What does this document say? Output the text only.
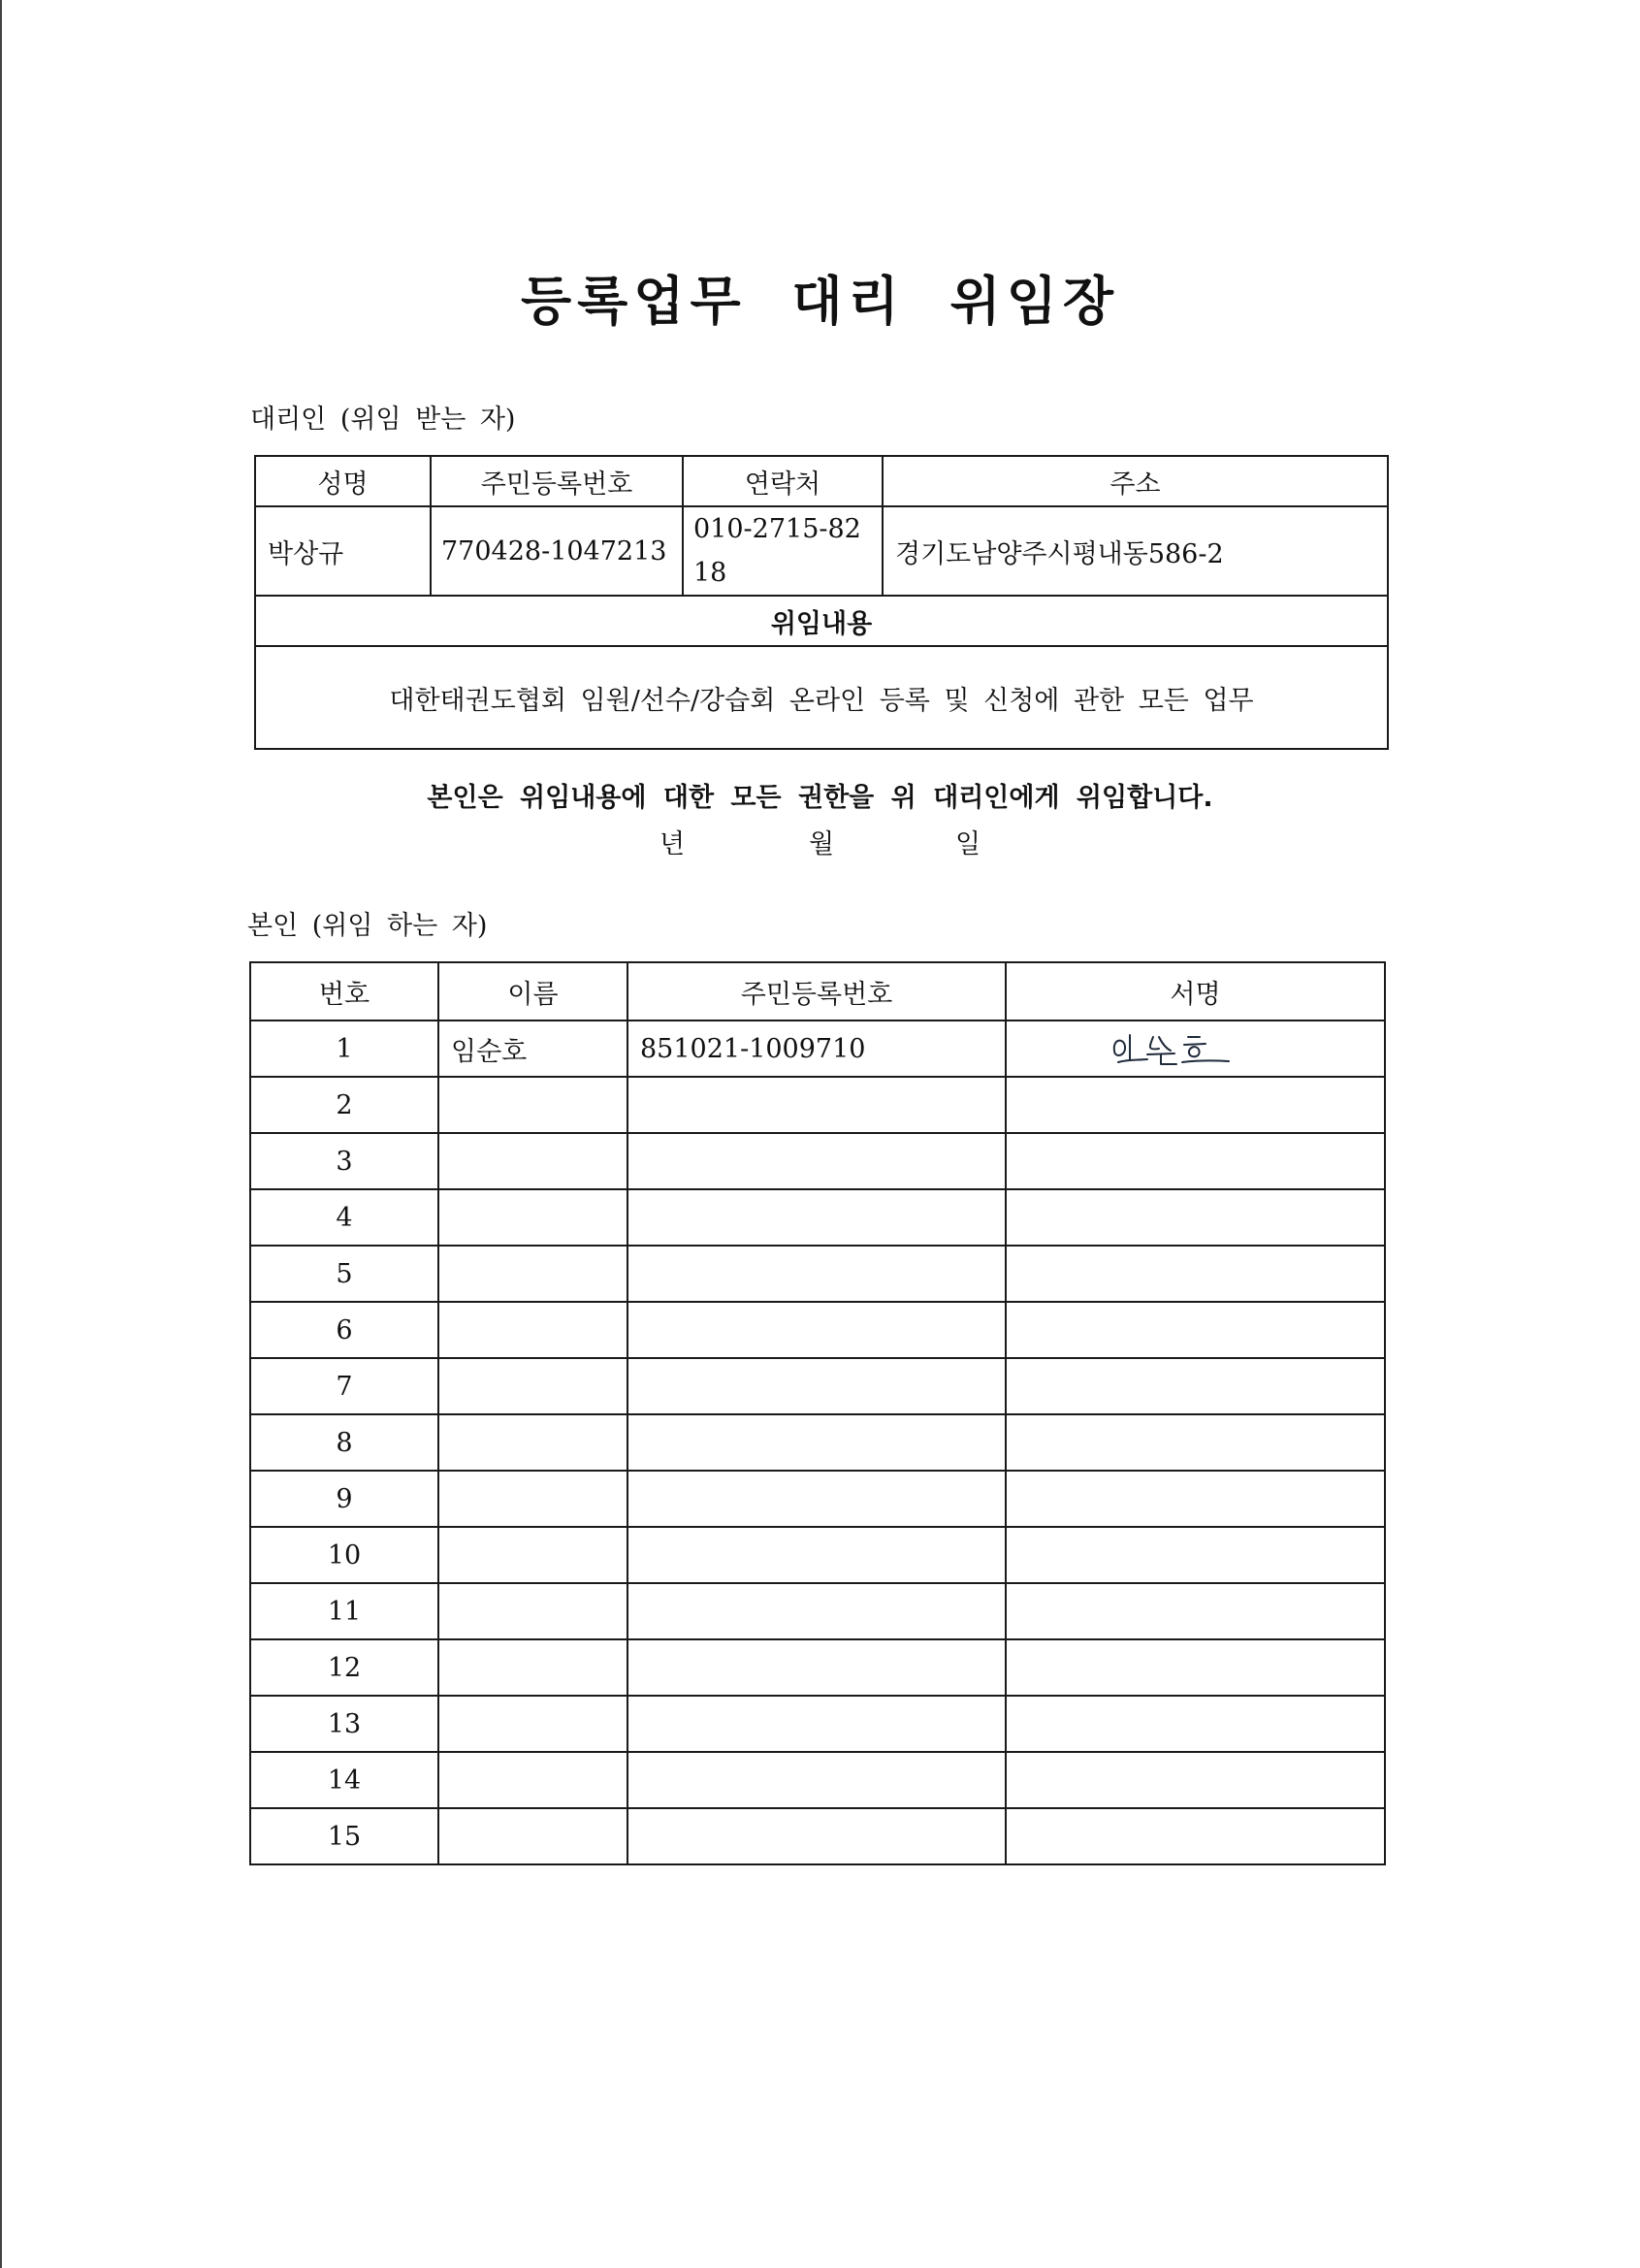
등록업무 대리 위임장
대리인 (위임 받는 자)
성명	주민등록번호	연락처	주소
박상규	770428-1047213	010-2715-8218	경기도남양주시평내동586-2
위임내용			
대한태권도협회 임원/선수/강습회 온라인 등록 및 신청에 관한 모든 업무			
본인은 위임내용에 대한 모든 권한을 위 대리인에게 위임합니다.
년	월	일
본인 (위임 하는 자)
번호	이름	주민등록번호	서명
1	임순호	851021-1009710	

2			
3			
4			
5			
6			
7			
8			
9			
10			
11			
12			
13			
14			
15			
